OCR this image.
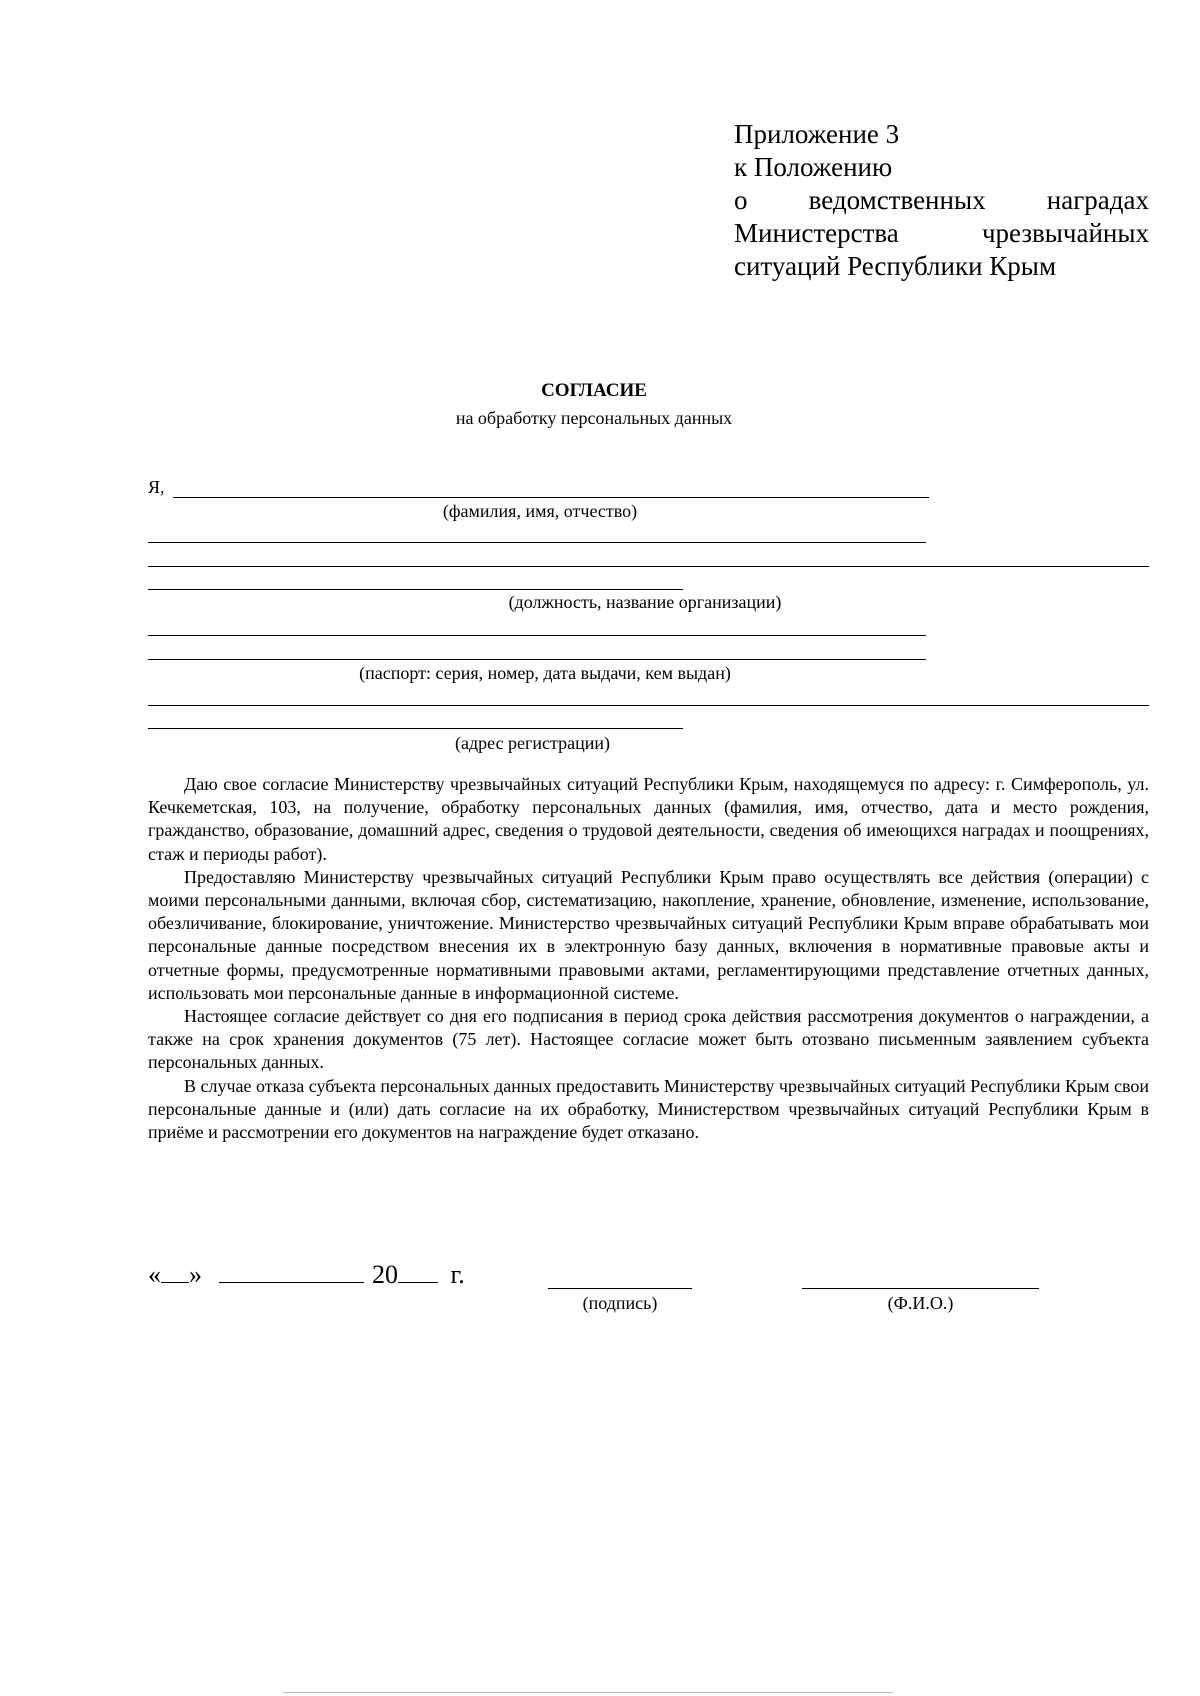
Приложение 3
к Положению
о ведомственных наградах
Министерства	чрезвычайных
ситуаций Республики Крым
СОГЛАСИЕ
на обработку персональных данных
Я,
(фамилия, имя, отчество)
(должность, название организации)
(паспорт: серия, номер, дата выдачи, кем выдан)
(адрес регистрации)

Даю свое согласие Министерству чрезвычайных ситуаций Республики Крым, находящемуся по адресу: г. Симферополь, ул. Кечкеметская, 103, на получение, обработку персональных данных (фамилия, имя, отчество, дата и место рождения, гражданство, образование, домашний адрес, сведения о трудовой деятельности, сведения об имеющихся наградах и поощрениях, стаж и периоды работ).

Предоставляю Министерству чрезвычайных ситуаций Республики Крым право осуществлять все действия (операции) с моими персональными данными, включая сбор, систематизацию, накопление, хранение, обновление, изменение, использование, обезличивание, блокирование, уничтожение. Министерство чрезвычайных ситуаций Республики Крым вправе обрабатывать мои персональные данные посредством внесения их в электронную базу данных, включения в нормативные правовые акты и отчетные формы, предусмотренные нормативными правовыми актами, регламентирующими представление отчетных данных, использовать мои персональные данные в информационной системе.

Настоящее согласие действует со дня его подписания в период срока действия рассмотрения документов о награждении, а также на срок хранения документов (75 лет). Настоящее согласие может быть отозвано письменным заявлением субъекта персональных данных.

В случае отказа субъекта персональных данных предоставить Министерству чрезвычайных ситуаций Республики Крым свои персональные данные и (или) дать согласие на их обработку, Министерством чрезвычайных ситуаций Республики Крым в приёме и рассмотрении его документов на награждение будет отказано.

« »	20 г.
(подпись)	(Ф.И.О.)
